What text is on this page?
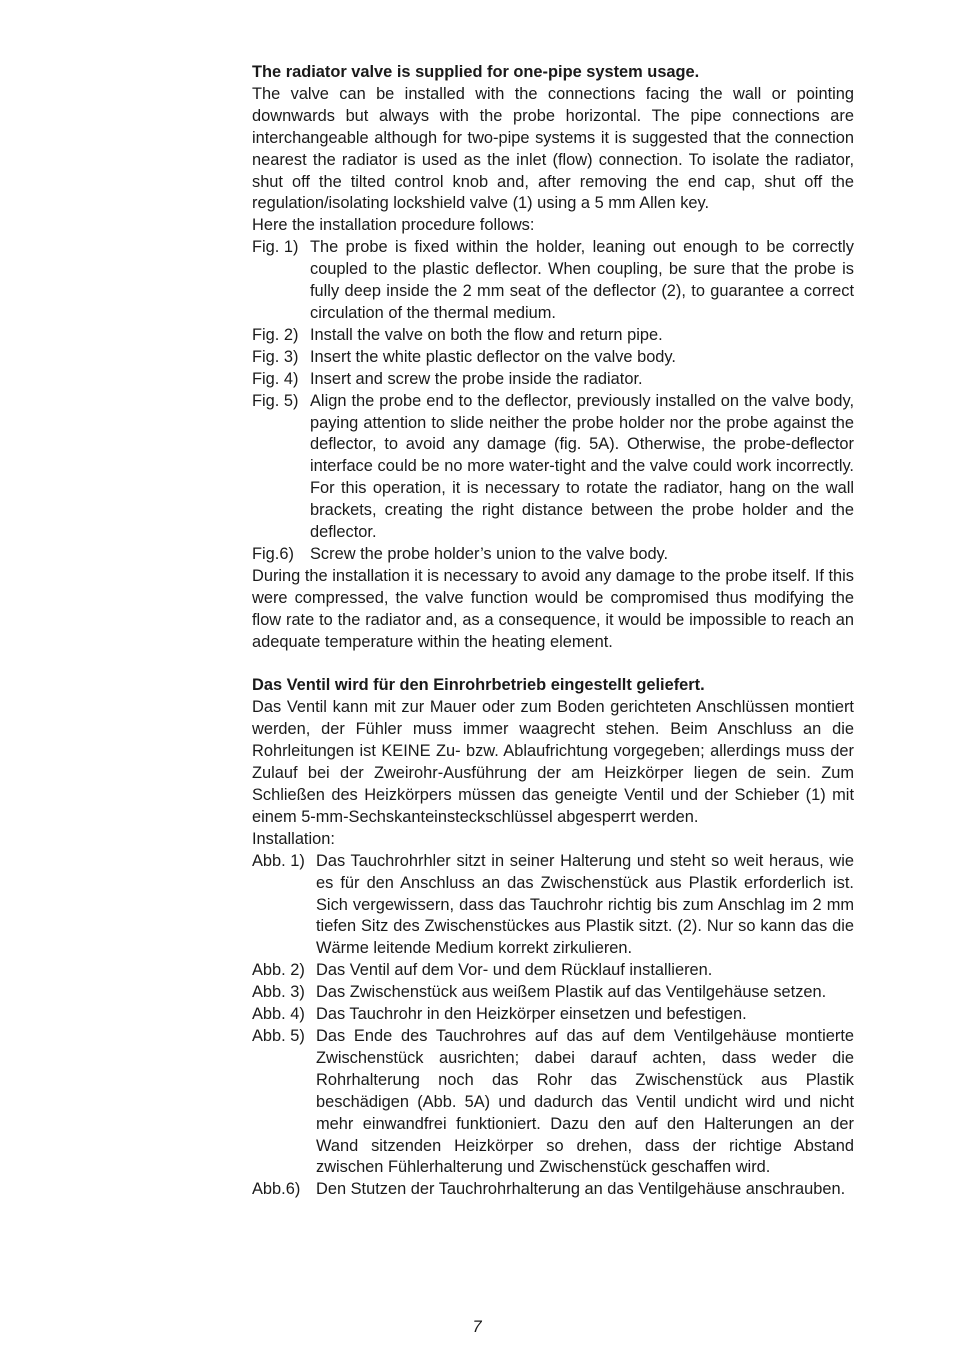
The radiator valve is supplied for one-pipe system usage.

The valve can be installed with the connections facing the wall or pointing downwards but always with the probe horizontal. The pipe connections are interchangeable although for two-pipe systems it is suggested that the connection nearest the radiator is used as the inlet (flow) connection. To isolate the radiator, shut off the tilted control knob and, after removing the end cap, shut off the regulation/isolating lockshield valve (1) using a 5 mm Allen key.

Here the installation procedure follows:

Fig. 1) The probe is fixed within the holder, leaning out enough to be correctly coupled to the plastic deflector. When coupling, be sure that the probe is fully deep inside the 2 mm seat of the deflector (2), to guarantee a correct circulation of the thermal medium.
Fig. 2) Install the valve on both the flow and return pipe.
Fig. 3) Insert the white plastic deflector on the valve body.
Fig. 4) Insert and screw the probe inside the radiator.
Fig. 5) Align the probe end to the deflector, previously installed on the valve body, paying attention to slide neither the probe holder nor the probe against the deflector, to avoid any damage (fig. 5A). Otherwise, the probe-deflector interface could be no more water-tight and the valve could work incorrectly. For this operation, it is necessary to rotate the radiator, hang on the wall brackets, creating the right distance between the probe holder and the deflector.
Fig.6) Screw the probe holder’s union to the valve body.

During the installation it is necessary to avoid any damage to the probe itself. If this were compressed, the valve function would be compromised thus modifying the flow rate to the radiator and, as a consequence, it would be impossible to reach an adequate temperature within the heating element.

Das Ventil wird für den Einrohrbetrieb eingestellt geliefert.

Das Ventil kann mit zur Mauer oder zum Boden gerichteten Anschlüssen montiert werden, der Fühler muss immer waagrecht stehen. Beim Anschluss an die Rohrleitungen ist KEINE Zu- bzw. Ablaufrichtung vorgegeben; allerdings muss der Zulauf bei der Zweirohr-Ausführung der am Heizkörper liegen de sein. Zum Schließen des Heizkörpers müssen das geneigte Ventil und der Schieber (1) mit einem 5-mm-Sechskanteinsteckschlüssel abgesperrt werden.

Installation:

Abb. 1) Das Tauchrohrhler sitzt in seiner Halterung und steht so weit heraus, wie es für den Anschluss an das Zwischenstück aus Plastik erforderlich ist. Sich vergewissern, dass das Tauchrohr richtig bis zum Anschlag im 2 mm tiefen Sitz des Zwischenstückes aus Plastik sitzt. (2). Nur so kann das die Wärme leitende Medium korrekt zirkulieren.
Abb. 2) Das Ventil auf dem Vor- und dem Rücklauf installieren.
Abb. 3) Das Zwischenstück aus weißem Plastik auf das Ventilgehäuse setzen.
Abb. 4) Das Tauchrohr in den Heizkörper einsetzen und befestigen.
Abb. 5) Das Ende des Tauchrohres auf das auf dem Ventilgehäuse montierte Zwischenstück ausrichten; dabei darauf achten, dass weder die Rohrhalterung noch das Rohr das Zwischenstück aus Plastik beschädigen (Abb. 5A) und dadurch das Ventil undicht wird und nicht mehr einwandfrei funktioniert. Dazu den auf den Halterungen an der Wand sitzenden Heizkörper so drehen, dass der richtige Abstand zwischen Fühlerhalterung und Zwischenstück geschaffen wird.
Abb.6) Den Stutzen der Tauchrohrhalterung an das Ventilgehäuse anschrauben.
7
